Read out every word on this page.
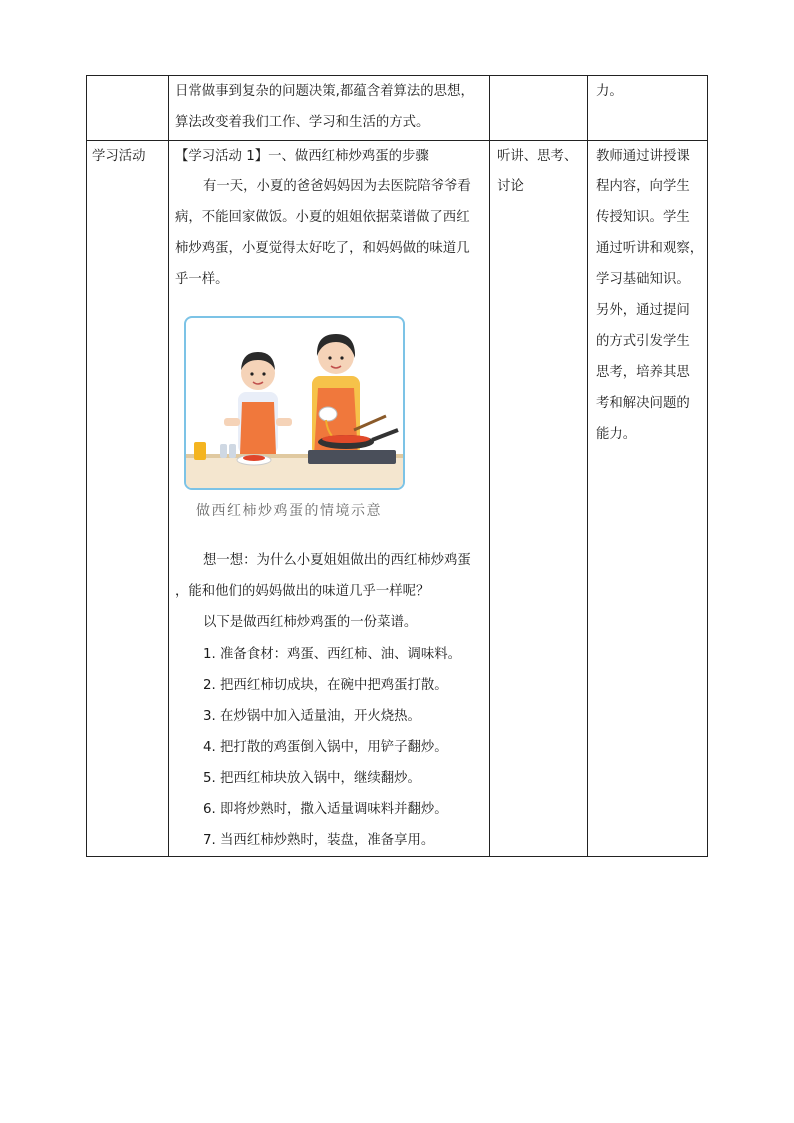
日常做事到复杂的问题决策,都蕴含着算法的思想，
算法改变着我们工作、学习和生活的方式。
力。
学习活动 【学习活动 1】一、做西红柿炒鸡蛋的步骤
有一天，小夏的爸爸妈妈因为去医院陪爷爷看
病，不能回家做饭。小夏的姐姐依据菜谱做了西红
柿炒鸡蛋，小夏觉得太好吃了，和妈妈做的味道几
乎一样。
做西红柿炒鸡蛋的情境示意
想一想：为什么小夏姐姐做出的西红柿炒鸡蛋
，能和他们的妈妈做出的味道几乎一样呢？
以下是做西红柿炒鸡蛋的一份菜谱。
1. 准备食材：鸡蛋、西红柿、油、调味料。
2. 把西红柿切成块，在碗中把鸡蛋打散。
3. 在炒锅中加入适量油，开火烧热。
4. 把打散的鸡蛋倒入锅中，用铲子翻炒。
5. 把西红柿块放入锅中，继续翻炒。
6. 即将炒熟时，撒入适量调味料并翻炒。
7. 当西红柿炒熟时，装盘，准备享用。
听讲、思考、
讨论
教师通过讲授课
程内容，向学生
传授知识。学生
通过听讲和观察，
学习基础知识。
另外，通过提问
的方式引发学生
思考，培养其思
考和解决问题的
能力。
